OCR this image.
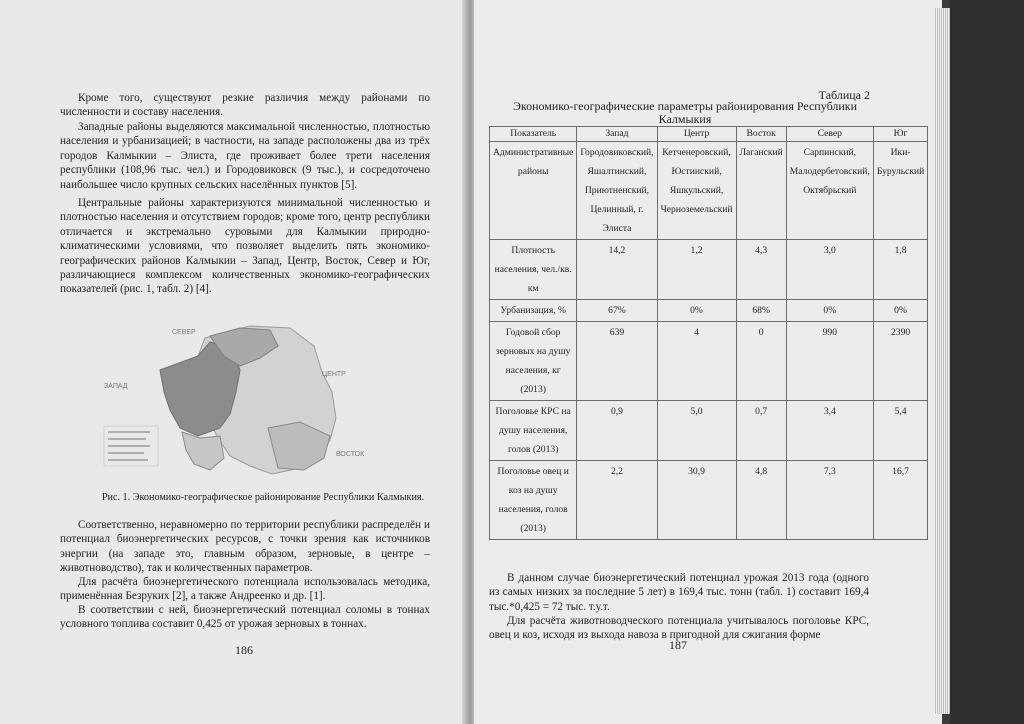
Кроме того, существуют резкие различия между районами по численности и составу населения.

Западные районы выделяются максимальной численностью, плотностью населения и урбанизацией; в частности, на западе расположены два из трёх городов Калмыкии – Элиста, где проживает более трети населения республики (108,96 тыс. чел.) и Городовиковск (9 тыс.), и сосредоточено наибольшее число крупных сельских населённых пунктов [5].

Центральные районы характеризуются минимальной численностью и плотностью населения и отсутствием городов; кроме того, центр республики отличается и экстремально суровыми для Калмыкии природно-климатическими условиями, что позволяет выделить пять экономико-географических районов Калмыкии – Запад, Центр, Восток, Север и Юг, различающиеся комплексом количественных экономико-географических показателей (рис. 1, табл. 2) [4].

СЕВЕР
ЗАПАД
ЦЕНТР
ВОСТОК
Рис. 1. Экономико-географическое районирование Республики Калмыкия.

Соответственно, неравномерно по территории республики распределён и потенциал биоэнергетических ресурсов, с точки зрения как источников энергии (на западе это, главным образом, зерновые, в центре – животноводство), так и количественных параметров.

Для расчёта биоэнергетического потенциала использовалась методика, применённая Безруких [2], а также Андреенко и др. [1].

В соответствии с ней, биоэнергетический потенциал соломы в тоннах условного топлива составит 0,425 от урожая зерновых в тоннах.

186
Таблица 2
Экономико-географические параметры районирования Республики Калмыкия
Показатель	Запад	Центр	Восток	Север	Юг
Административные районы	Городовиковский, Яшалтинский, Приютненский, Целинный, г. Элиста	Кетченеровский, Юстинский, Яшкульский, Черноземельский	Лаганский	Сарпинский, Малодербетовский, Октябрьский	Ики-Бурульский
Плотность населения, чел./кв. км	14,2	1,2	4,3	3,0	1,8
Урбанизация, %	67%	0%	68%	0%	0%
Годовой сбор зерновых на душу населения, кг (2013)	639	4	0	990	2390
Поголовье КРС на душу населения, голов (2013)	0,9	5,0	0,7	3,4	5,4
Поголовье овец и коз на душу населения, голов (2013)	2,2	30,9	4,8	7,3	16,7

В данном случае биоэнергетический потенциал урожая 2013 года (одного из самых низких за последние 5 лет) в 169,4 тыс. тонн (табл. 1) составит 169,4 тыс.*0,425 = 72 тыс. т.у.т.

Для расчёта животноводческого потенциала учитывалось поголовье КРС, овец и коз, исходя из выхода навоза в пригодной для сжигания форме

187
